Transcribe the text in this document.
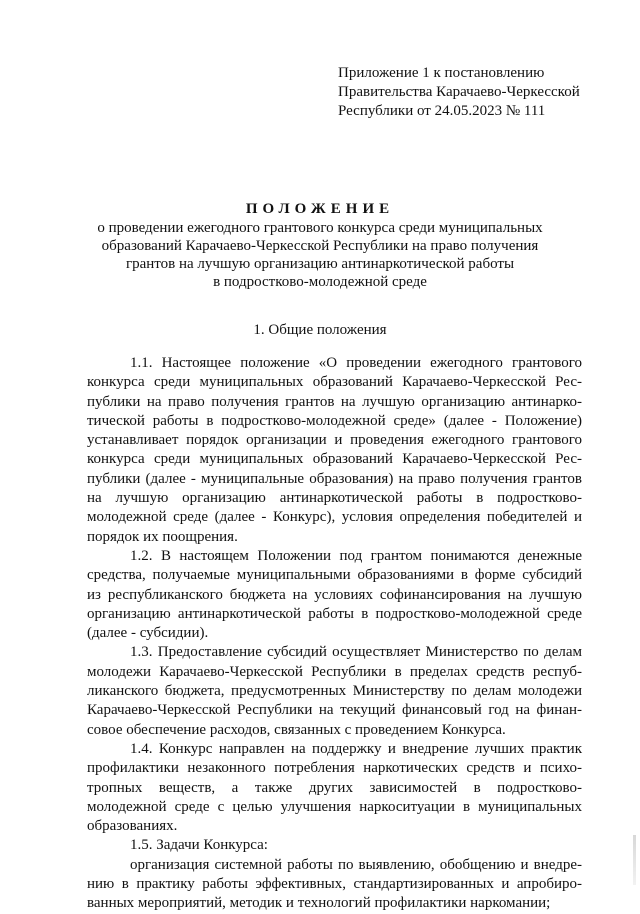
Приложение 1 к постановлению
Правительства Карачаево-Черкесской
Республики от 24.05.2023 № 111
ПОЛОЖЕНИЕ
о проведении ежегодного грантового конкурса среди муниципальных
образований Карачаево-Черкесской Республики на право получения
грантов на лучшую организацию антинаркотической работы
в подростково-молодежной среде
1. Общие положения
1.1. Настоящее положение «О проведении ежегодного грантового
конкурса среди муниципальных образований Карачаево-Черкесской Рес-
публики на право получения грантов на лучшую организацию антинарко-
тической работы в подростково-молодежной среде» (далее - Положение)
устанавливает порядок организации и проведения ежегодного грантового
конкурса среди муниципальных образований Карачаево-Черкесской Рес-
публики (далее - муниципальные образования) на право получения грантов
на лучшую организацию антинаркотической работы в подростково-
молодежной среде (далее - Конкурс), условия определения победителей и
порядок их поощрения.
1.2. В настоящем Положении под грантом понимаются денежные
средства, получаемые муниципальными образованиями в форме субсидий
из республиканского бюджета на условиях софинансирования на лучшую
организацию антинаркотической работы в подростково-молодежной среде
(далее - субсидии).
1.3. Предоставление субсидий осуществляет Министерство по делам
молодежи Карачаево-Черкесской Республики в пределах средств респуб-
ликанского бюджета, предусмотренных Министерству по делам молодежи
Карачаево-Черкесской Республики на текущий финансовый год на финан-
совое обеспечение расходов, связанных с проведением Конкурса.
1.4. Конкурс направлен на поддержку и внедрение лучших практик
профилактики незаконного потребления наркотических средств и психо-
тропных веществ, а также других зависимостей в подростково-
молодежной среде с целью улучшения наркоситуации в муниципальных
образованиях.
1.5. Задачи Конкурса:
организация системной работы по выявлению, обобщению и внедре-
нию в практику работы эффективных, стандартизированных и апробиро-
ванных мероприятий, методик и технологий профилактики наркомании;
